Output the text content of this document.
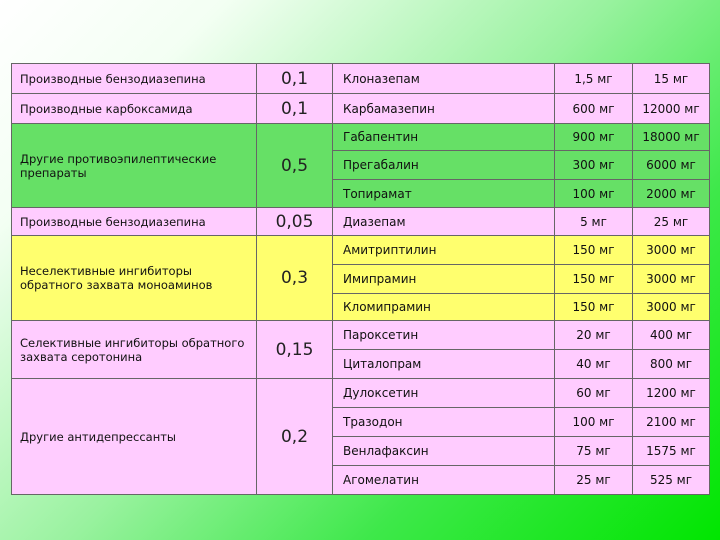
Производные бензодиазепина	0,1	Клоназепам	1,5 мг	15 мг
Производные карбоксамида	0,1	Карбамазепин	600 мг	12000 мг
Другие противоэпилептические препараты	0,5	Габапентин	900 мг	18000 мг
		Прегабалин	300 мг	6000 мг
		Топирамат	100 мг	2000 мг
Производные бензодиазепина	0,05	Диазепам	5 мг	25 мг
Неселективные ингибиторы обратного захвата моноаминов	0,3	Амитриптилин	150 мг	3000 мг
		Имипрамин	150 мг	3000 мг
		Кломипрамин	150 мг	3000 мг
Селективные ингибиторы обратного захвата серотонина	0,15	Пароксетин	20 мг	400 мг
		Циталопрам	40 мг	800 мг
Другие антидепрессанты	0,2	Дулоксетин	60 мг	1200 мг
		Тразодон	100 мг	2100 мг
		Венлафаксин	75 мг	1575 мг
		Агомелатин	25 мг	525 мг
